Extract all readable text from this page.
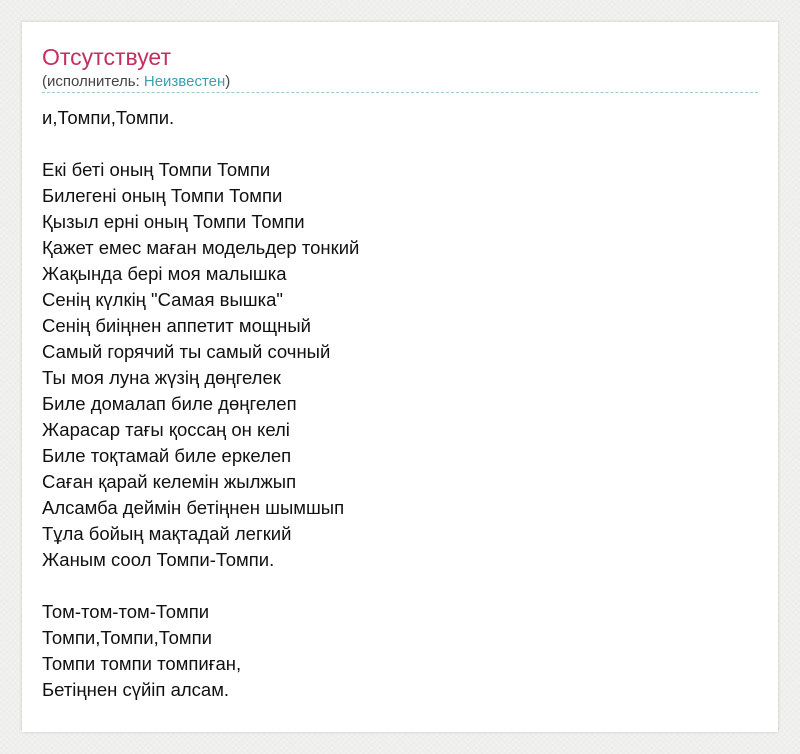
Отсутствует
(исполнитель: Неизвестен)
и,Томпи,Томпи.
Екі беті оның Томпи Томпи
Билегені оның Томпи Томпи
Қызыл ерні оның Томпи Томпи
Қажет емес маған модельдер тонкий
Жақында берi моя малышка
Сенің күлкің "Самая вышка"
Сенің биіңнен аппетит мощный
Самый горячий ты самый сочный
Ты моя луна жүзің дөңгелек
Биле домалап биле дөңгелеп
Жарасар тағы қоссаң он келі
Биле тоқтамай биле еркелеп
Саған қарай келемін жылжып
Алсамба деймін бетіңнен шымшып
Тұла бойың мақтадай легкий
Жаным соол Томпи-Томпи.
Том-том-том-Томпи
Томпи,Томпи,Томпи
Томпи томпи томпиған,
Бетіңнен сүйіп алсам.
